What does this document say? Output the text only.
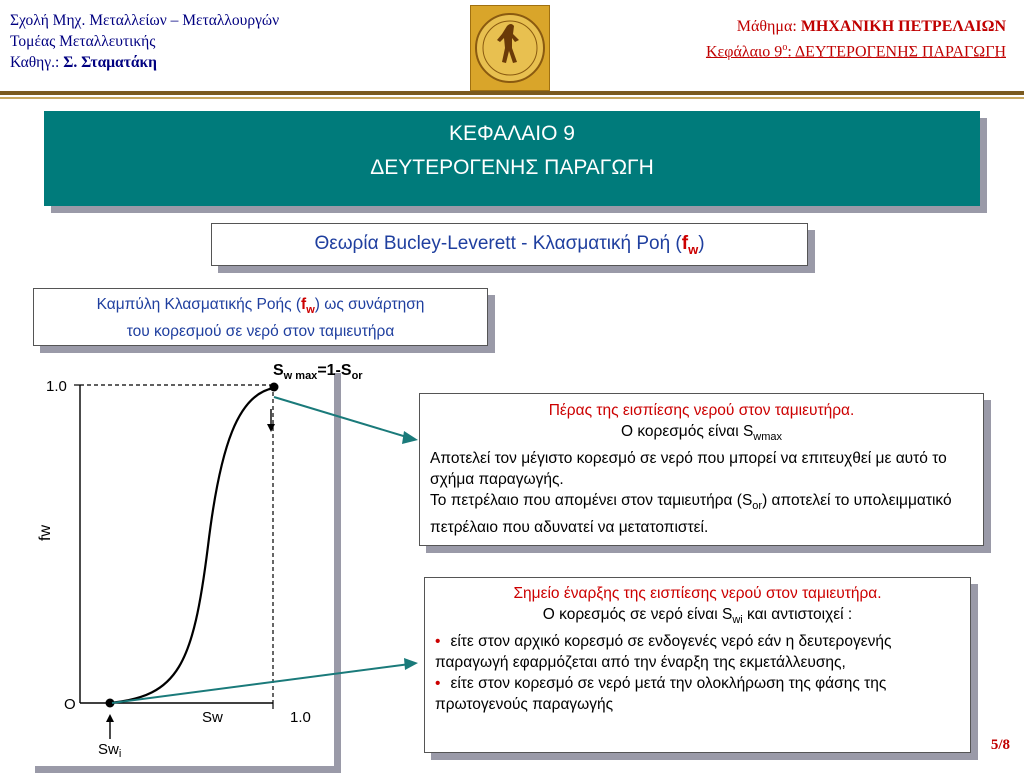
Σχολή Μηχ. Μεταλλείων – Μεταλλουργών
Τομέας Μεταλλευτικής
Καθηγ.: Σ. Σταματάκη
Μάθημα: ΜΗΧΑΝΙΚΗ ΠΕΤΡΕΛΑΙΩΝ
Κεφάλαιο $9^o$: ΔΕΥΤΕΡΟΓΕΝΗΣ ΠΑΡΑΓΩΓΗ
ΚΕΦΑΛΑΙΟ 9
ΔΕΥΤΕΡΟΓΕΝΗΣ ΠΑΡΑΓΩΓΗ
Θεωρία Bucley-Leverett - Κλασματική Ροή $(f_w)$
Καμπύλη Κλασματικής Ροής $(f_w)$ ως συνάρτηση
του κορεσμού σε νερό στον ταμιευτήρα
1.0
O
fw
Sw	1.0
$Sw_i$
$S_{w max}=1-S_{or}$
Πέρας της εισπίεσης νερού στον ταμιευτήρα.
Ο κορεσμός είναι $S_{wmax}$
Αποτελεί τον μέγιστο κορεσμό σε νερό που μπορεί να επιτευχθεί με αυτό το σχήμα παραγωγής.
Το πετρέλαιο που απομένει στον ταμιευτήρα $(S_{or})$ αποτελεί το υπολειμματικό πετρέλαιο που αδυνατεί να μετατοπιστεί.
Σημείο έναρξης της εισπίεσης νερού στον ταμιευτήρα.
Ο κορεσμός σε νερό είναι $S_{wi}$ και αντιστοιχεί :
• είτε στον αρχικό κορεσμό σε ενδογενές νερό εάν η δευτερογενής παραγωγή εφαρμόζεται από την έναρξη της εκμετάλλευσης,
• είτε στον κορεσμό σε νερό μετά την ολοκλήρωση της φάσης της πρωτογενούς παραγωγής
5/8
